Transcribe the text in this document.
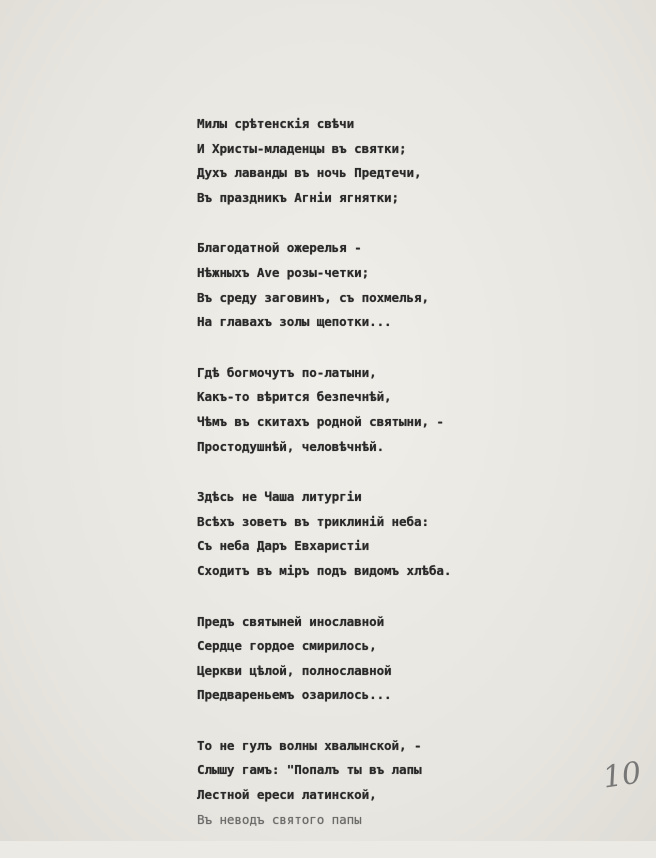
Милы срѣтенскія свѣчи
И Христы-младенцы въ святки;
Духъ лаванды въ ночь Предтечи,
Въ праздникъ Агніи ягнятки;
Благодатной ожерелья -
Нѣжныхъ Ave розы-четки;
Въ среду заговинъ, съ похмелья,
На главахъ золы щепотки...
Гдѣ богмочутъ по-латыни,
Какъ-то вѣрится безпечнѣй,
Чѣмъ въ скитахъ родной святыни, -
Простодушнѣй, человѣчнѣй.
Здѣсь не Чаша литургіи
Всѣхъ зоветъ въ триклиній неба:
Съ неба Даръ Евхаристіи
Сходитъ въ міръ подъ видомъ хлѣба.
Предъ святыней инославной
Сердце гордое смирилось,
Церкви цѣлой, полнославной
Предвареньемъ озарилось...
То не гулъ волны хвалынской, -
Слышу гамъ: "Попалъ ты въ лапы
Лестной ереси латинской,
Въ неводъ святого папы
10
